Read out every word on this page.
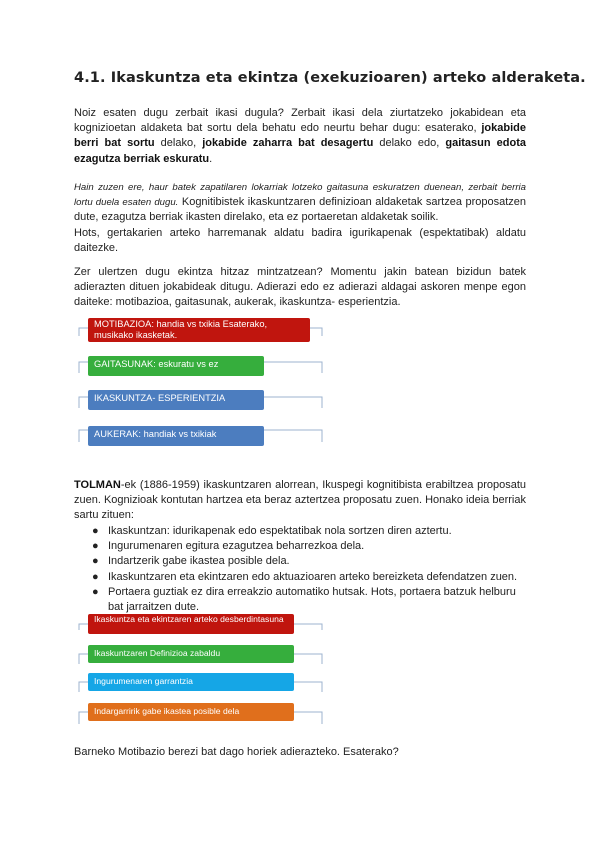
4.1. Ikaskuntza eta ekintza (exekuzioaren) arteko alderaketa.

Noiz esaten dugu zerbait ikasi dugula? Zerbait ikasi dela ziurtatzeko jokabidean eta kognizioetan aldaketa bat sortu dela behatu edo neurtu behar dugu: esaterako, jokabide berri bat sortu delako, jokabide zaharra bat desagertu delako edo, gaitasun edota ezagutza berriak eskuratu.

Hain zuzen ere, haur batek zapatilaren lokarriak lotzeko gaitasuna eskuratzen duenean, zerbait berria lortu duela esaten dugu. Kognitibistek ikaskuntzaren definizioan aldaketak sartzea proposatzen dute, ezagutza berriak ikasten direlako, eta ez portaeretan aldaketak soilik.
Hots, gertakarien arteko harremanak aldatu badira igurikapenak (espektatibak) aldatu daitezke.

Zer ulertzen dugu ekintza hitzaz mintzatzean? Momentu jakin batean bizidun batek adierazten dituen jokabideak ditugu. Adierazi edo ez adierazi aldagai askoren menpe egon daiteke: motibazioa, gaitasunak, aukerak, ikaskuntza- esperientzia.

MOTIBAZIOA: handia vs txikia Esaterako, musikako ikasketak.
GAITASUNAK: eskuratu vs ez
IKASKUNTZA- ESPERIENTZIA
AUKERAK: handiak vs txikiak

TOLMAN-ek (1886-1959) ikaskuntzaren alorrean, Ikuspegi kognitibista erabiltzea proposatu zuen. Kognizioak kontutan hartzea eta beraz aztertzea proposatu zuen. Honako ideia berriak sartu zituen:

● Ikaskuntzan: idurikapenak edo espektatibak nola sortzen diren aztertu.
● Ingurumenaren egitura ezagutzea beharrezkoa dela.
● Indartzerik gabe ikastea posible dela.
● Ikaskuntzaren eta ekintzaren edo aktuazioaren arteko bereizketa defendatzen zuen.
● Portaera guztiak ez dira erreakzio automatiko hutsak. Hots, portaera batzuk helburu bat jarraitzen dute.
Ikaskuntza eta ekintzaren arteko desberdintasuna
Ikaskuntzaren Definizioa zabaldu
Ingurumenaren garrantzia
Indargarririk gabe ikastea posible dela

Barneko Motibazio berezi bat dago horiek adierazteko. Esaterako?
